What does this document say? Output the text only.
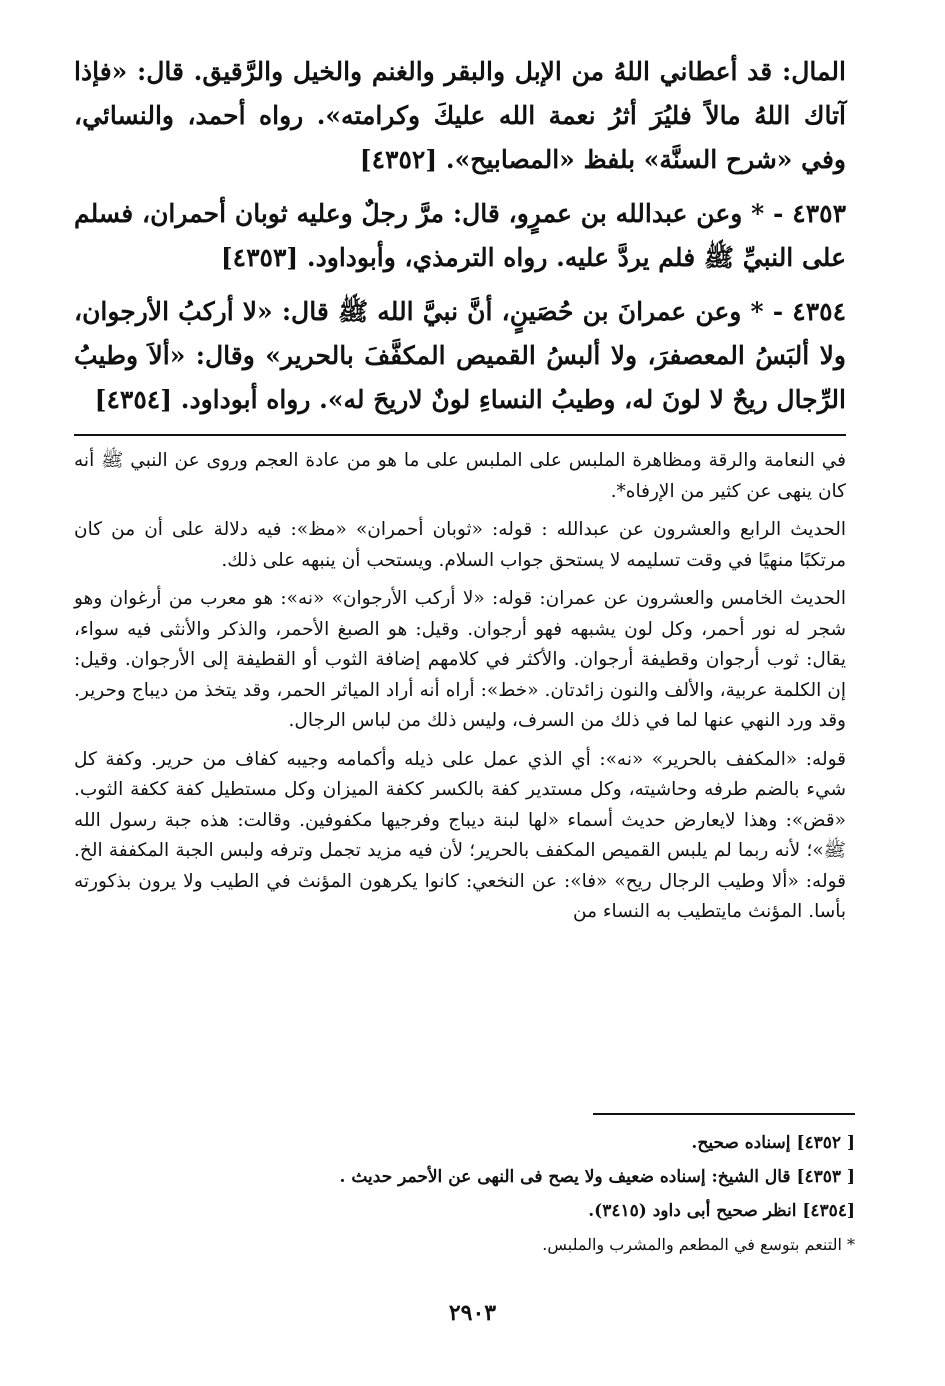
المال: قد أعطاني اللهُ من الإبل والبقر والغنم والخيل والرَّقيق. قال: «فإذا آتاك اللهُ مالاً فليُرَ أثرُ نعمة الله عليكَ وكرامته». رواه أحمد، والنسائي، وفي «شرح السنَّة» بلفظ «المصابيح». [٤٣٥٢]

٤٣٥٣ - * وعن عبدالله بن عمرٍو، قال: مرَّ رجلٌ وعليه ثوبان أحمران، فسلم على النبيِّ ﷺ فلم يردَّ عليه. رواه الترمذي، وأبوداود. [٤٣٥٣]

٤٣٥٤ - * وعن عمرانَ بن حُصَينٍ، أنَّ نبيَّ الله ﷺ قال: «لا أركبُ الأرجوان، ولا ألبَسُ المعصفرَ، ولا ألبسُ القميص المكفَّفَ بالحرير» وقال: «ألاَ وطيبُ الرِّجال ريحٌ لا لونَ له، وطيبُ النساءِ لونٌ لاريحَ له». رواه أبوداود. [٤٣٥٤]

في النعامة والرقة ومظاهرة الملبس على الملبس على ما هو من عادة العجم وروى عن النبي ﷺ أنه كان ينهى عن كثير من الإرفاه*.

الحديث الرابع والعشرون عن عبدالله : قوله: «ثوبان أحمران» «مظ»: فيه دلالة على أن من كان مرتكبًا منهيًا في وقت تسليمه لا يستحق جواب السلام. ويستحب أن ينبهه على ذلك.

الحديث الخامس والعشرون عن عمران: قوله: «لا أركب الأرجوان» «نه»: هو معرب من أرغوان وهو شجر له نور أحمر، وكل لون يشبهه فهو أرجوان. وقيل: هو الصبغ الأحمر، والذكر والأنثى فيه سواء، يقال: ثوب أرجوان وقطيفة أرجوان. والأكثر في كلامهم إضافة الثوب أو القطيفة إلى الأرجوان. وقيل: إن الكلمة عربية، والألف والنون زائدتان. «خط»: أراه أنه أراد المياثر الحمر، وقد يتخذ من ديباج وحرير. وقد ورد النهي عنها لما في ذلك من السرف، وليس ذلك من لباس الرجال.

قوله: «المكفف بالحرير» «نه»: أي الذي عمل على ذيله وأكمامه وجيبه كفاف من حرير. وكفة كل شيء بالضم طرفه وحاشيته، وكل مستدير كفة بالكسر ككفة الميزان وكل مستطيل كفة ككفة الثوب. «قض»: وهذا لايعارض حديث أسماء «لها لبنة ديباج وفرجيها مكفوفين. وقالت: هذه جبة رسول الله ﷺ»؛ لأنه ربما لم يلبس القميص المكفف بالحرير؛ لأن فيه مزيد تجمل وترفه ولبس الجبة المكففة الخ. قوله: «ألا وطيب الرجال ريح» «فا»: عن النخعي: كانوا يكرهون المؤنث في الطيب ولا يرون بذكورته بأسا. المؤنث مايتطيب به النساء من

[ ٤٣٥٢] إسناده صحيح.

[ ٤٣٥٣] قال الشيخ: إسناده ضعيف ولا يصح فى النهى عن الأحمر حديث .

[٤٣٥٤] انظر صحيح أبى داود (٣٤١٥).

* التنعم بتوسع في المطعم والمشرب والملبس.

٢٩٠٣
